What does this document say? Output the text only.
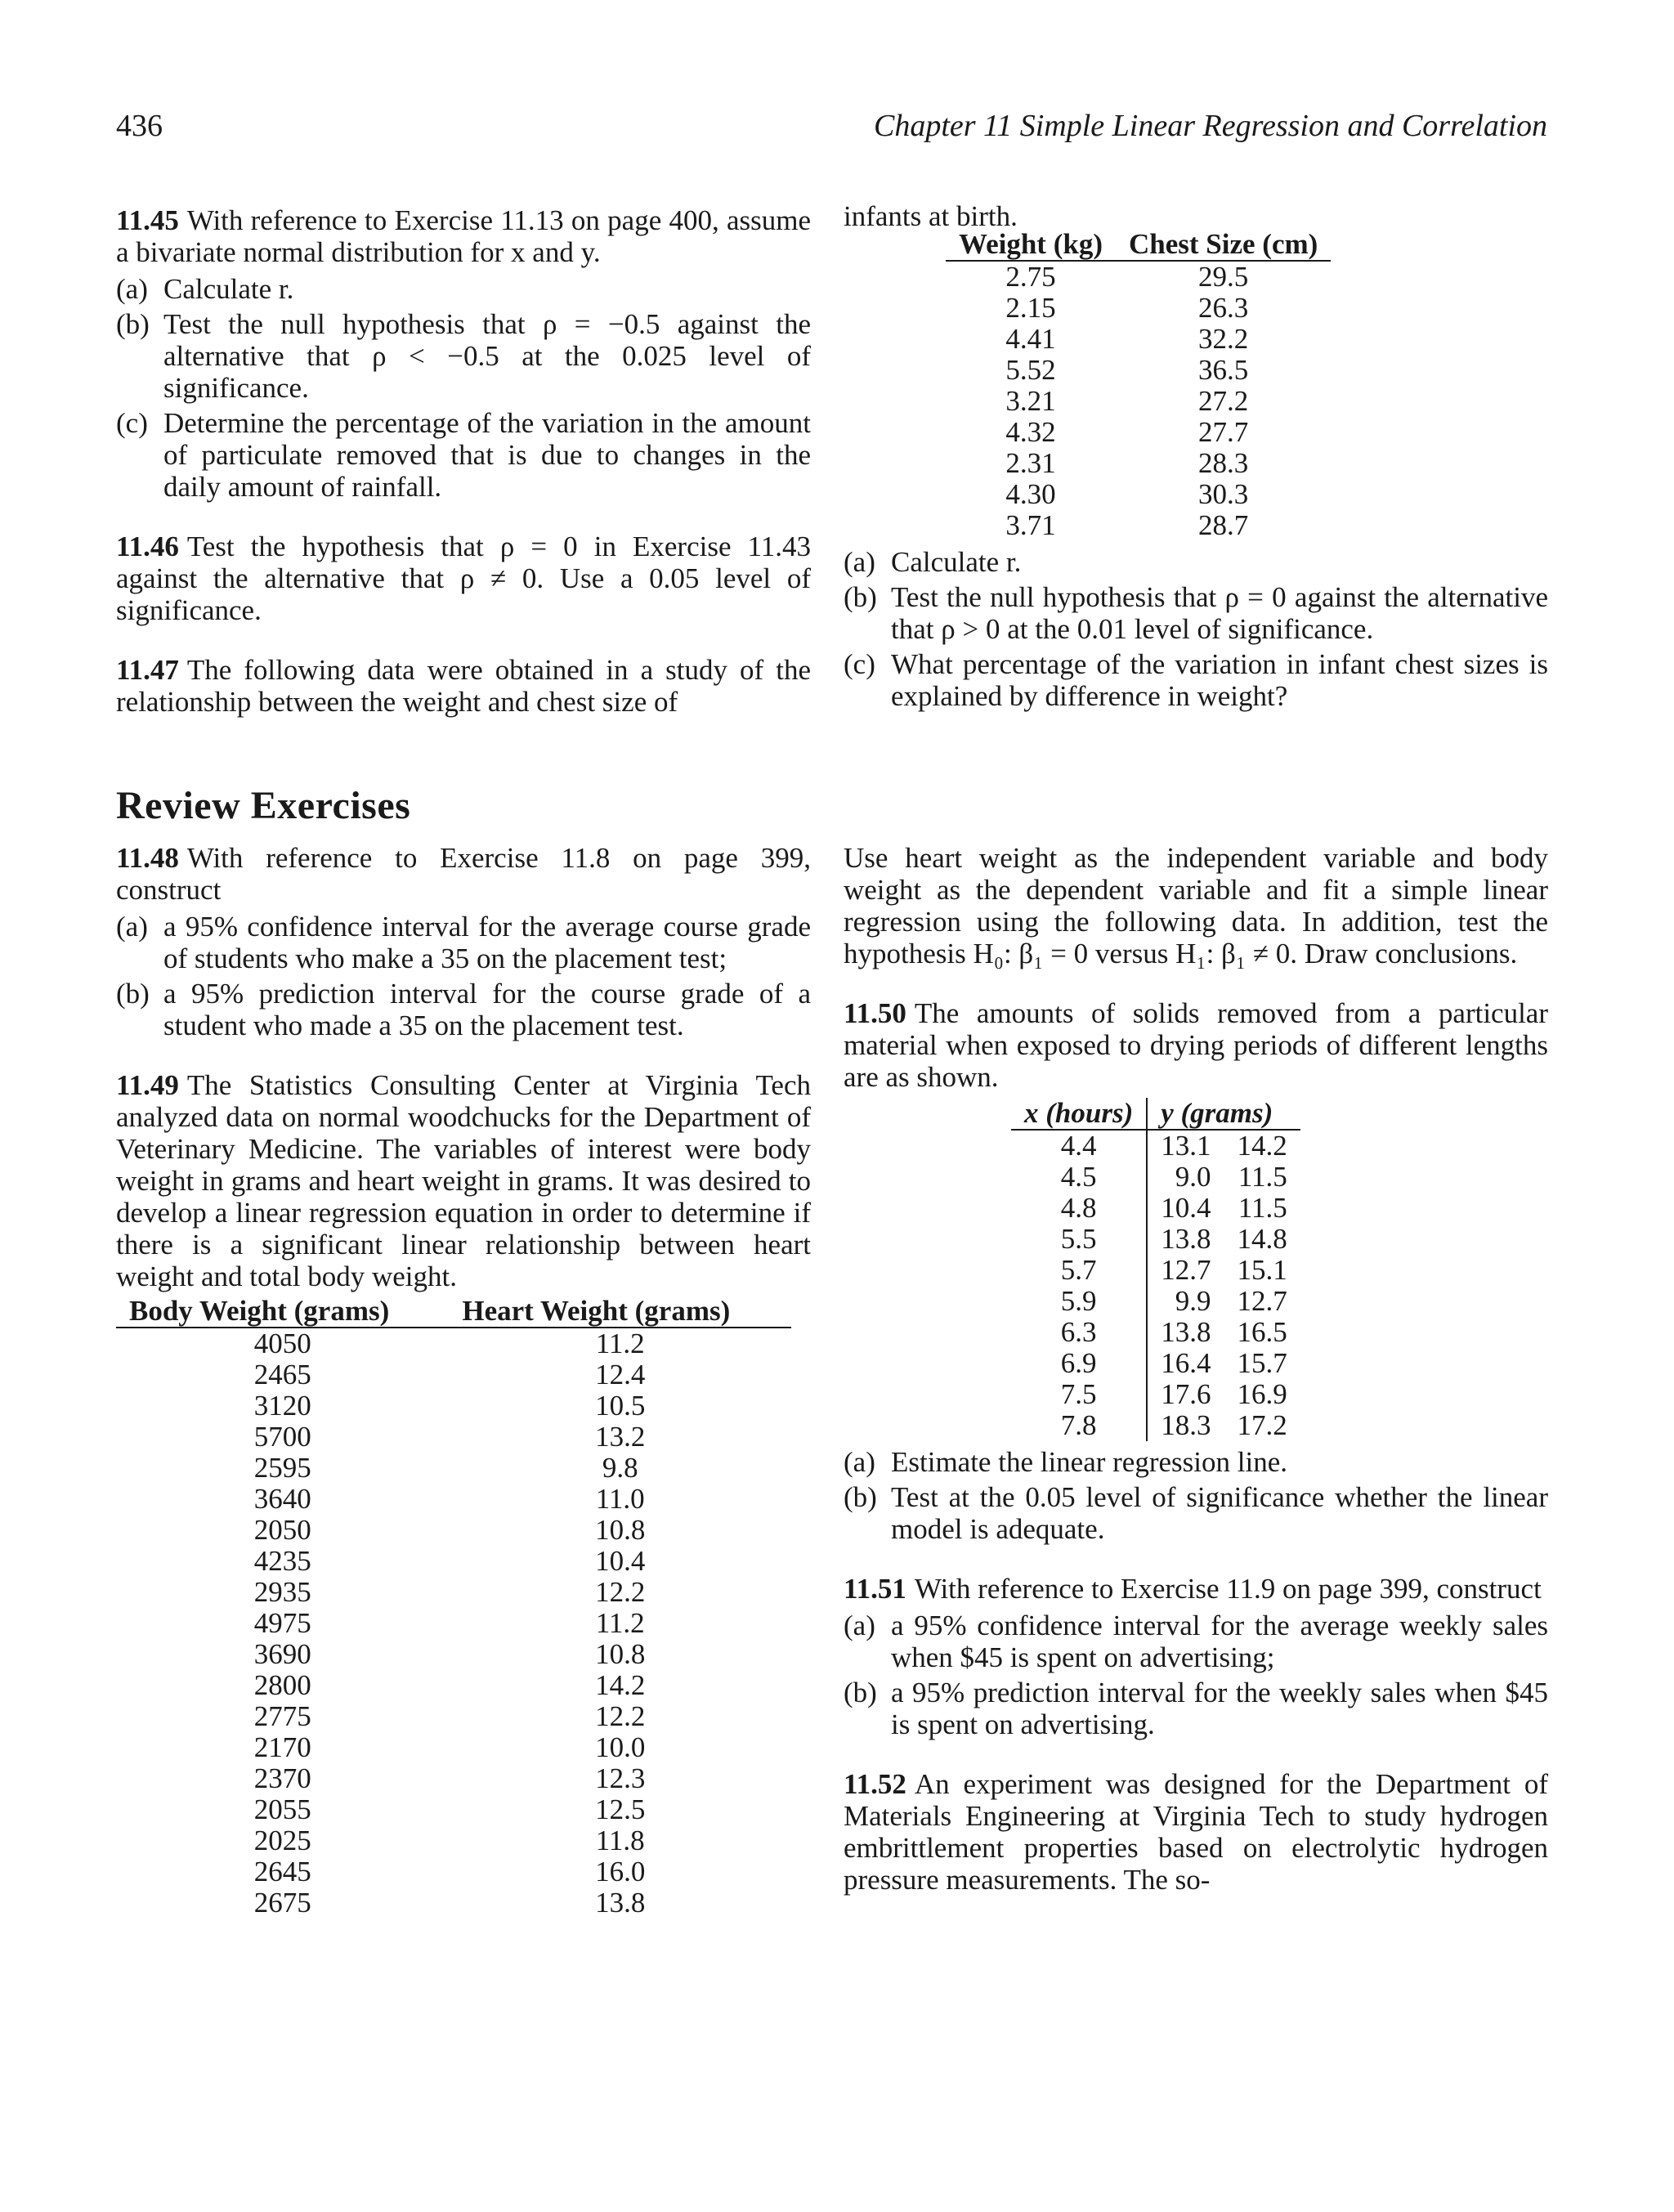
436	Chapter 11 Simple Linear Regression and Correlation

11.45 With reference to Exercise 11.13 on page 400, assume a bivariate normal distribution for x and y.

(a) Calculate r.
(b) Test the null hypothesis that ρ = −0.5 against the alternative that ρ < −0.5 at the 0.025 level of significance.
(c) Determine the percentage of the variation in the amount of particulate removed that is due to changes in the daily amount of rainfall.

11.46 Test the hypothesis that ρ = 0 in Exercise 11.43 against the alternative that ρ ≠ 0. Use a 0.05 level of significance.

11.47 The following data were obtained in a study of the relationship between the weight and chest size of

infants at birth.

Weight (kg)	Chest Size (cm)
2.75	29.5
2.15	26.3
4.41	32.2
5.52	36.5
3.21	27.2
4.32	27.7
2.31	28.3
4.30	30.3
3.71	28.7
(a) Calculate r.
(b) Test the null hypothesis that ρ = 0 against the alternative that ρ > 0 at the 0.01 level of significance.
(c) What percentage of the variation in infant chest sizes is explained by difference in weight?
Review Exercises

11.48 With reference to Exercise 11.8 on page 399, construct

(a) a 95% confidence interval for the average course grade of students who make a 35 on the placement test;
(b) a 95% prediction interval for the course grade of a student who made a 35 on the placement test.

11.49 The Statistics Consulting Center at Virginia Tech analyzed data on normal woodchucks for the Department of Veterinary Medicine. The variables of interest were body weight in grams and heart weight in grams. It was desired to develop a linear regression equation in order to determine if there is a significant linear relationship between heart weight and total body weight.

Body Weight (grams)	Heart Weight (grams)
4050	11.2
2465	12.4
3120	10.5
5700	13.2
2595	9.8
3640	11.0
2050	10.8
4235	10.4
2935	12.2
4975	11.2
3690	10.8
2800	14.2
2775	12.2
2170	10.0
2370	12.3
2055	12.5
2025	11.8
2645	16.0
2675	13.8

Use heart weight as the independent variable and body weight as the dependent variable and fit a simple linear regression using the following data. In addition, test the hypothesis H₀: β₁ = 0 versus H₁: β₁ ≠ 0. Draw conclusions.

11.50 The amounts of solids removed from a particular material when exposed to drying periods of different lengths are as shown.

x (hours)	y (grams)	
4.4	13.1	14.2
4.5	9.0	11.5
4.8	10.4	11.5
5.5	13.8	14.8
5.7	12.7	15.1
5.9	9.9	12.7
6.3	13.8	16.5
6.9	16.4	15.7
7.5	17.6	16.9
7.8	18.3	17.2
(a) Estimate the linear regression line.
(b) Test at the 0.05 level of significance whether the linear model is adequate.

11.51 With reference to Exercise 11.9 on page 399, construct

(a) a 95% confidence interval for the average weekly sales when $45 is spent on advertising;
(b) a 95% prediction interval for the weekly sales when $45 is spent on advertising.

11.52 An experiment was designed for the Department of Materials Engineering at Virginia Tech to study hydrogen embrittlement properties based on electrolytic hydrogen pressure measurements. The so-
